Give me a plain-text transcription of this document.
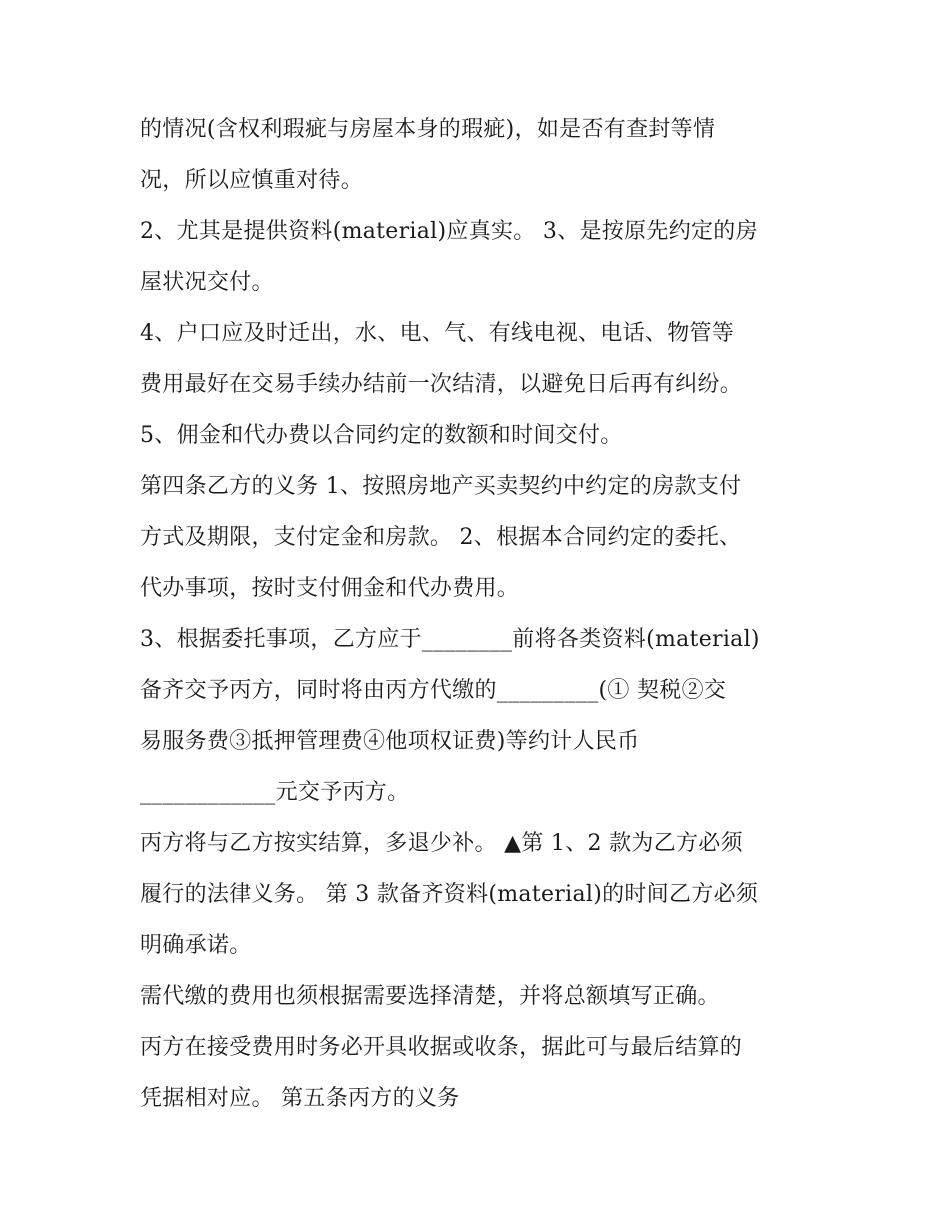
的情况(含权利瑕疵与房屋本身的瑕疵)，如是否有查封等情
况，所以应慎重对待。
2、尤其是提供资料(material)应真实。 3、是按原先约定的房
屋状况交付。
4、户口应及时迁出，水、电、气、有线电视、电话、物管等
费用最好在交易手续办结前一次结清，以避免日后再有纠纷。
5、佣金和代办费以合同约定的数额和时间交付。
第四条乙方的义务 1、按照房地产买卖契约中约定的房款支付
方式及期限，支付定金和房款。 2、根据本合同约定的委托、
代办事项，按时支付佣金和代办费用。
3、根据委托事项，乙方应于________前将各类资料(material)
备齐交予丙方，同时将由丙方代缴的_________(① 契税②交
易服务费③抵押管理费④他项权证费)等约计人民币
____________元交予丙方。
丙方将与乙方按实结算，多退少补。 ▲第 1、2 款为乙方必须
履行的法律义务。 第 3 款备齐资料(material)的时间乙方必须
明确承诺。
需代缴的费用也须根据需要选择清楚，并将总额填写正确。
丙方在接受费用时务必开具收据或收条，据此可与最后结算的
凭据相对应。 第五条丙方的义务
